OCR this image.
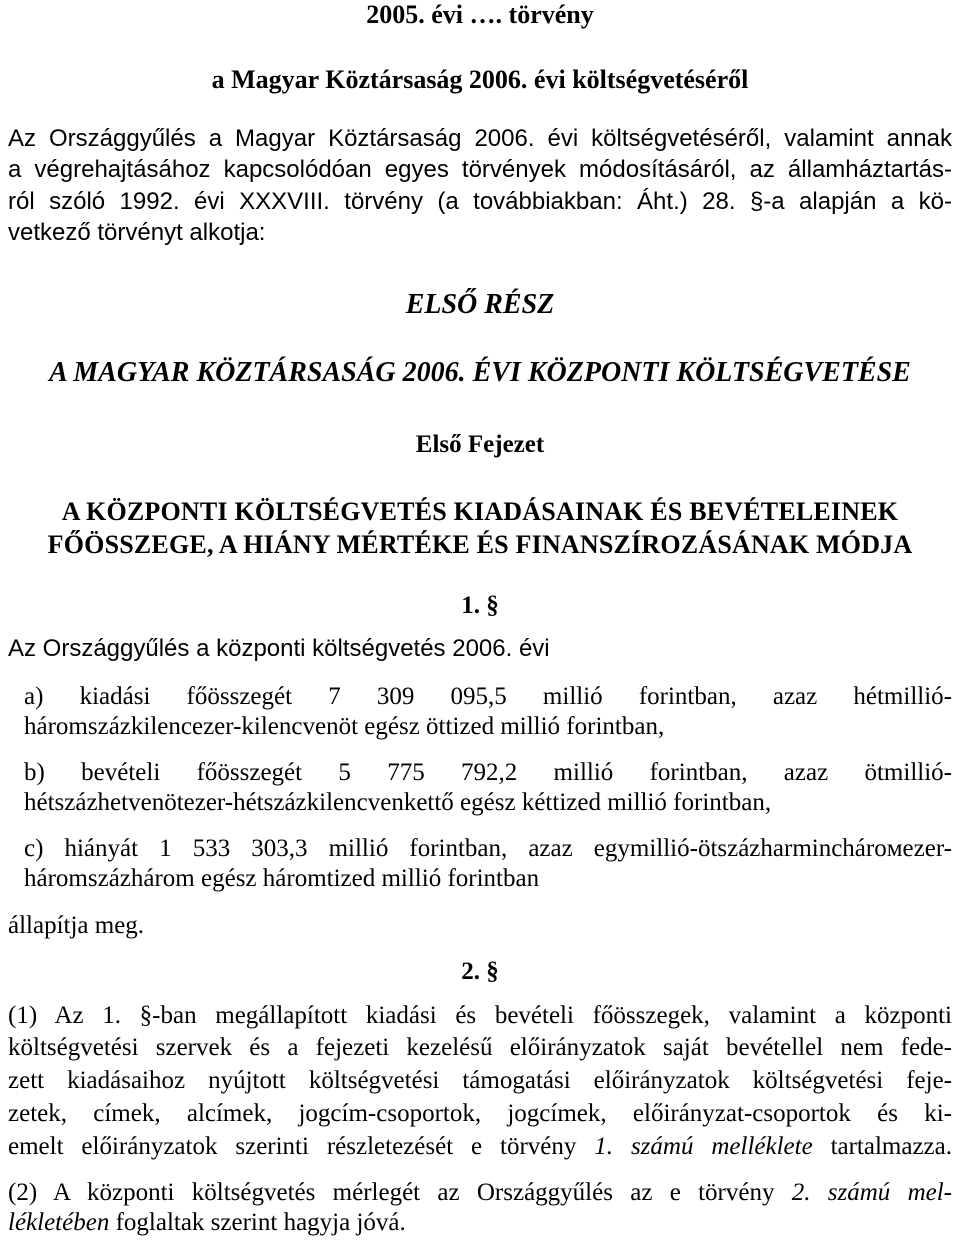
2005. évi …. törvény

a Magyar Köztársaság 2006. évi költségvetéséről

Az Országgyűlés a Magyar Köztársaság 2006. évi költségvetéséről, valamint annak

a végrehajtásához kapcsolódóan egyes törvények módosításáról, az államháztartás-

ról szóló 1992. évi XXXVIII. törvény (a továbbiakban: Áht.) 28. §-a alapján a kö-

vetkező törvényt alkotja:

ELSŐ RÉSZ

A MAGYAR KÖZTÁRSASÁG 2006. ÉVI KÖZPONTI KÖLTSÉGVETÉSE

Első Fejezet

A KÖZPONTI KÖLTSÉGVETÉS KIADÁSAINAK ÉS BEVÉTELEINEK

FŐÖSSZEGE, A HIÁNY MÉRTÉKE ÉS FINANSZÍROZÁSÁNAK MÓDJA

1. §

Az Országgyűlés a központi költségvetés 2006. évi

a) kiadási főösszegét 7 309 095,5 millió forintban, azaz hétmillió-

háromszázkilencezer-kilencvenöt egész öttized millió forintban,

b) bevételi főösszegét 5 775 792,2 millió forintban, azaz ötmillió-

hétszázhetvenötezer-hétszázkilencvenkettő egész kéttized millió forintban,

c) hiányát 1 533 303,3 millió forintban, azaz egymillió-ötszázharminchároмezer-

háromszázhárom egész háromtized millió forintban

állapítja meg.

2. §

(1) Az 1. §-ban megállapított kiadási és bevételi főösszegek, valamint a központi

költségvetési szervek és a fejezeti kezelésű előirányzatok saját bevétellel nem fede-

zett kiadásaihoz nyújtott költségvetési támogatási előirányzatok költségvetési feje-

zetek, címek, alcímek, jogcím-csoportok, jogcímek, előirányzat-csoportok és ki-

emelt előirányzatok szerinti részletezését e törvény 1. számú melléklete tartalmazza.

(2) A központi költségvetés mérlegét az Országgyűlés az e törvény 2. számú mel-

lékletében foglaltak szerint hagyja jóvá.
